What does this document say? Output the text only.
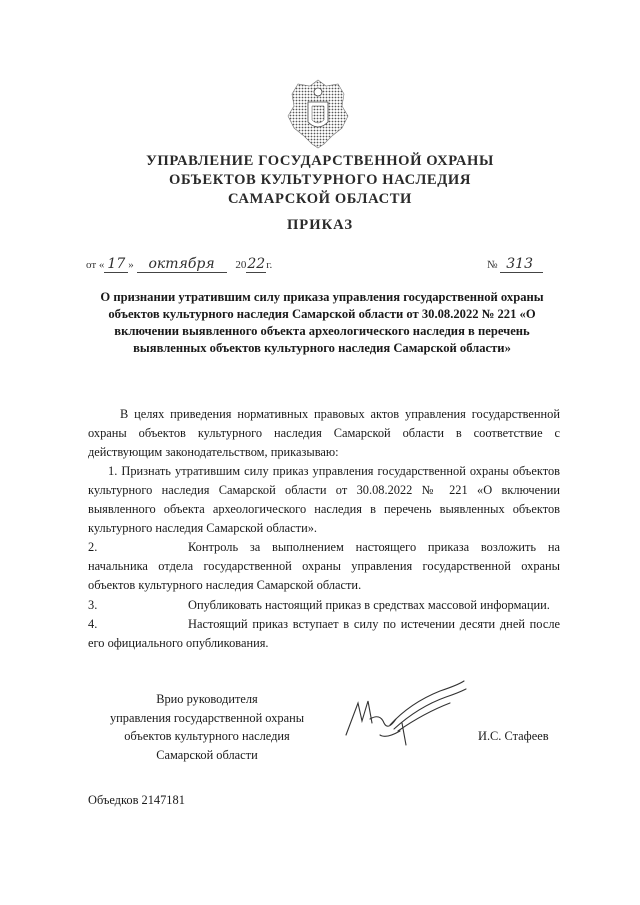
УПРАВЛЕНИЕ ГОСУДАРСТВЕННОЙ ОХРАНЫ
ОБЪЕКТОВ КУЛЬТУРНОГО НАСЛЕДИЯ
САМАРСКОЙ ОБЛАСТИ
ПРИКАЗ
от « 17 » октября 2022г.	№ 313
О признании утратившим силу приказа управления государственной охраны объектов культурного наследия Самарской области от 30.08.2022 № 221 «О включении выявленного объекта археологического наследия в перечень выявленных объектов культурного наследия Самарской области»
В целях приведения нормативных правовых актов управления государственной охраны объектов культурного наследия Самарской области в соответствие с действующим законодательством, приказываю:
1. Признать утратившим силу приказ управления государственной охраны объектов культурного наследия Самарской области от 30.08.2022 № 221 «О включении выявленного объекта археологического наследия в перечень выявленных объектов культурного наследия Самарской области».
2.	Контроль за выполнением настоящего приказа возложить на начальника отдела государственной охраны управления государственной охраны объектов культурного наследия Самарской области.
3.	Опубликовать настоящий приказ в средствах массовой информации.
4.	Настоящий приказ вступает в силу по истечении десяти дней после его официального опубликования.
Врио руководителя
управления государственной охраны
объектов культурного наследия
Самарской области
И.С. Стафеев
Объедков 2147181
